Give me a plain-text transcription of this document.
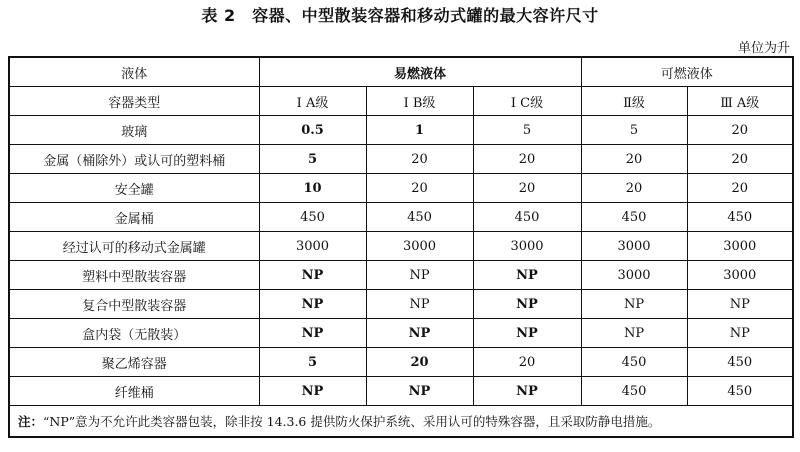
表 2　容器、中型散装容器和移动式罐的最大容许尺寸
单位为升
液体	易燃液体			可燃液体	
容器类型	Ⅰ A级	Ⅰ B级	Ⅰ C级	Ⅱ级	Ⅲ A级
玻璃	0.5	1	5	5	20
金属（桶除外）或认可的塑料桶	5	20	20	20	20
安全罐	10	20	20	20	20
金属桶	450	450	450	450	450
经过认可的移动式金属罐	3000	3000	3000	3000	3000
塑料中型散装容器	NP	NP	NP	3000	3000
复合中型散装容器	NP	NP	NP	NP	NP
盒内袋（无散装）	NP	NP	NP	NP	NP
聚乙烯容器	5	20	20	450	450
纤维桶	NP	NP	NP	450	450
注：“NP”意为不允许此类容器包装，除非按 14.3.6 提供防火保护系统、采用认可的特殊容器，且采取防静电措施。					
